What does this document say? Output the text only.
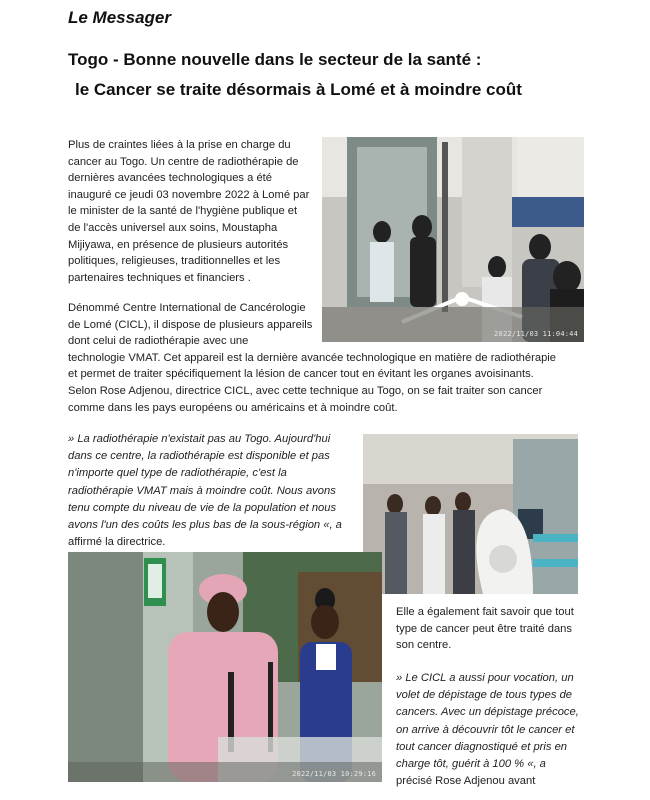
Le Messager
Togo - Bonne nouvelle dans le secteur de la santé :
le Cancer se traite désormais à Lomé et à moindre coût
Plus de craintes liées à la prise en charge du
cancer au Togo. Un centre de radiothérapie de
dernières avancées technologiques a été
inauguré ce jeudi 03 novembre 2022 à Lomé par
le minister de la santé de l'hygiène publique et
de l'accès universel aux soins, Moustapha
Mijiyawa, en présence de plusieurs autorités
politiques, religieuses, traditionnelles et les
partenaires techniques et financiers .
Dénommé Centre International de Cancérologie
de Lomé (CICL), il dispose de plusieurs appareils
dont celui de radiothérapie avec une
technologie VMAT. Cet appareil est la dernière avancée technologique en matière de radiothérapie
et permet de traiter spécifiquement la lésion de cancer tout en évitant les organes avoisinants.
Selon Rose Adjenou, directrice CICL, avec cette technique au Togo, on se fait traiter son cancer
comme dans les pays européens ou américains et à moindre coût.
» La radiothérapie n'existait pas au Togo. Aujourd'hui
dans ce centre, la radiothérapie est disponible et pas
n'importe quel type de radiothérapie, c'est la
radiothérapie VMAT mais à moindre coût. Nous avons
tenu compte du niveau de vie de la population et nous
avons l'un des coûts les plus bas de la sous-région «, a
affirmé la directrice.
Elle a également fait savoir que tout
type de cancer peut être traité dans
son centre.
» Le CICL a aussi pour vocation, un
volet de dépistage de tous types de
cancers. Avec un dépistage précoce,
on arrive à découvrir tôt le cancer et
tout cancer diagnostiqué et pris en
charge tôt, guérit à 100 % «, a
précisé Rose Adjenou avant
2022/11/03 11:04:44
2022/11/03 10:29:16
